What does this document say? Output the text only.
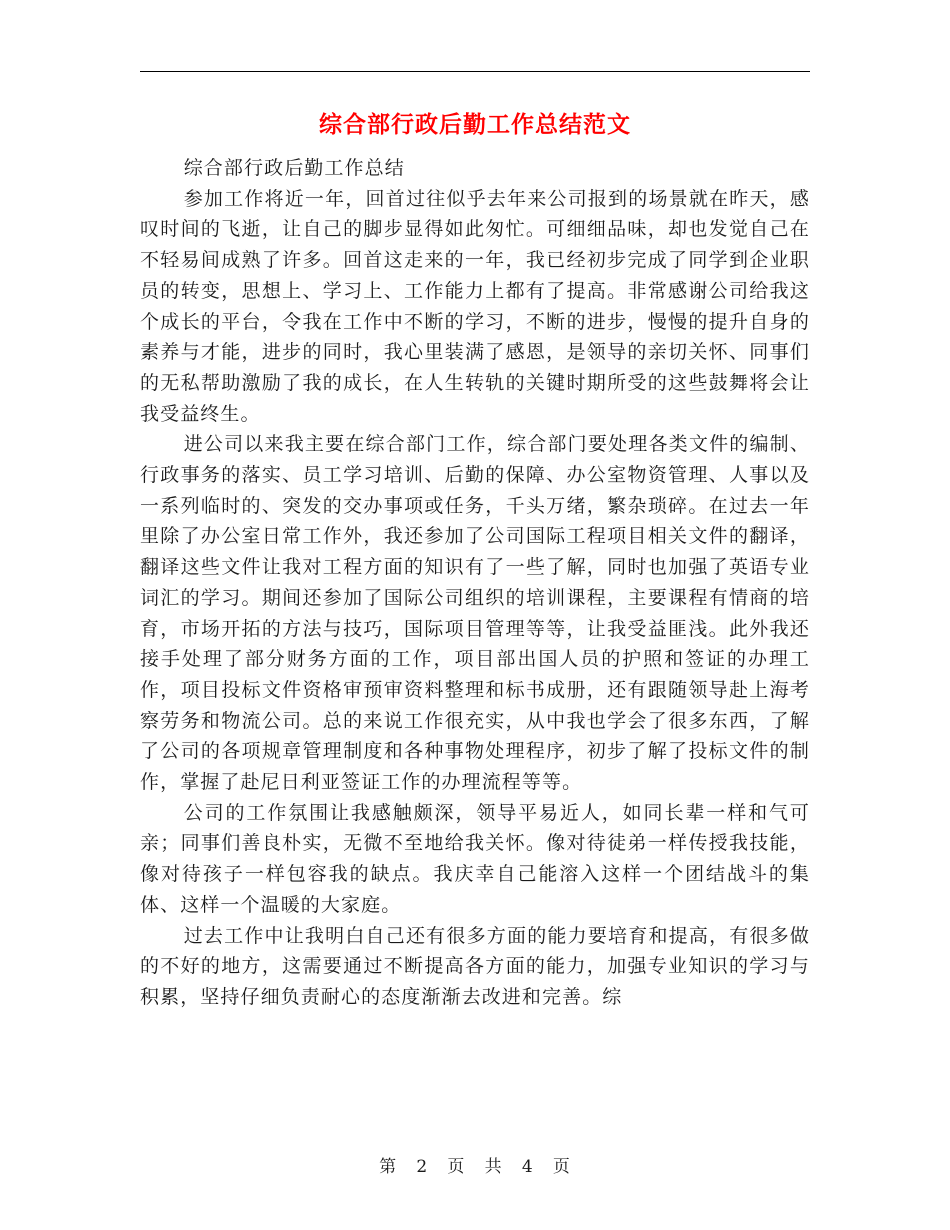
综合部行政后勤工作总结范文

综合部行政后勤工作总结

参加工作将近一年，回首过往似乎去年来公司报到的场景就在昨天，感叹时间的飞逝，让自己的脚步显得如此匆忙。可细细品味，却也发觉自己在不轻易间成熟了许多。回首这走来的一年，我已经初步完成了同学到企业职员的转变，思想上、学习上、工作能力上都有了提高。非常感谢公司给我这个成长的平台，令我在工作中不断的学习，不断的进步，慢慢的提升自身的素养与才能，进步的同时，我心里装满了感恩，是领导的亲切关怀、同事们的无私帮助激励了我的成长，在人生转轨的关键时期所受的这些鼓舞将会让我受益终生。

进公司以来我主要在综合部门工作，综合部门要处理各类文件的编制、行政事务的落实、员工学习培训、后勤的保障、办公室物资管理、人事以及一系列临时的、突发的交办事项或任务，千头万绪，繁杂琐碎。在过去一年里除了办公室日常工作外，我还参加了公司国际工程项目相关文件的翻译，翻译这些文件让我对工程方面的知识有了一些了解，同时也加强了英语专业词汇的学习。期间还参加了国际公司组织的培训课程，主要课程有情商的培育，市场开拓的方法与技巧，国际项目管理等等，让我受益匪浅。此外我还接手处理了部分财务方面的工作，项目部出国人员的护照和签证的办理工作，项目投标文件资格审预审资料整理和标书成册，还有跟随领导赴上海考察劳务和物流公司。总的来说工作很充实，从中我也学会了很多东西，了解了公司的各项规章管理制度和各种事物处理程序，初步了解了投标文件的制作，掌握了赴尼日利亚签证工作的办理流程等等。

公司的工作氛围让我感触颇深，领导平易近人，如同长辈一样和气可亲；同事们善良朴实，无微不至地给我关怀。像对待徒弟一样传授我技能，像对待孩子一样包容我的缺点。我庆幸自己能溶入这样一个团结战斗的集体、这样一个温暖的大家庭。

过去工作中让我明白自己还有很多方面的能力要培育和提高，有很多做的不好的地方，这需要通过不断提高各方面的能力，加强专业知识的学习与积累，坚持仔细负责耐心的态度渐渐去改进和完善。综

第 2 页 共 4 页
